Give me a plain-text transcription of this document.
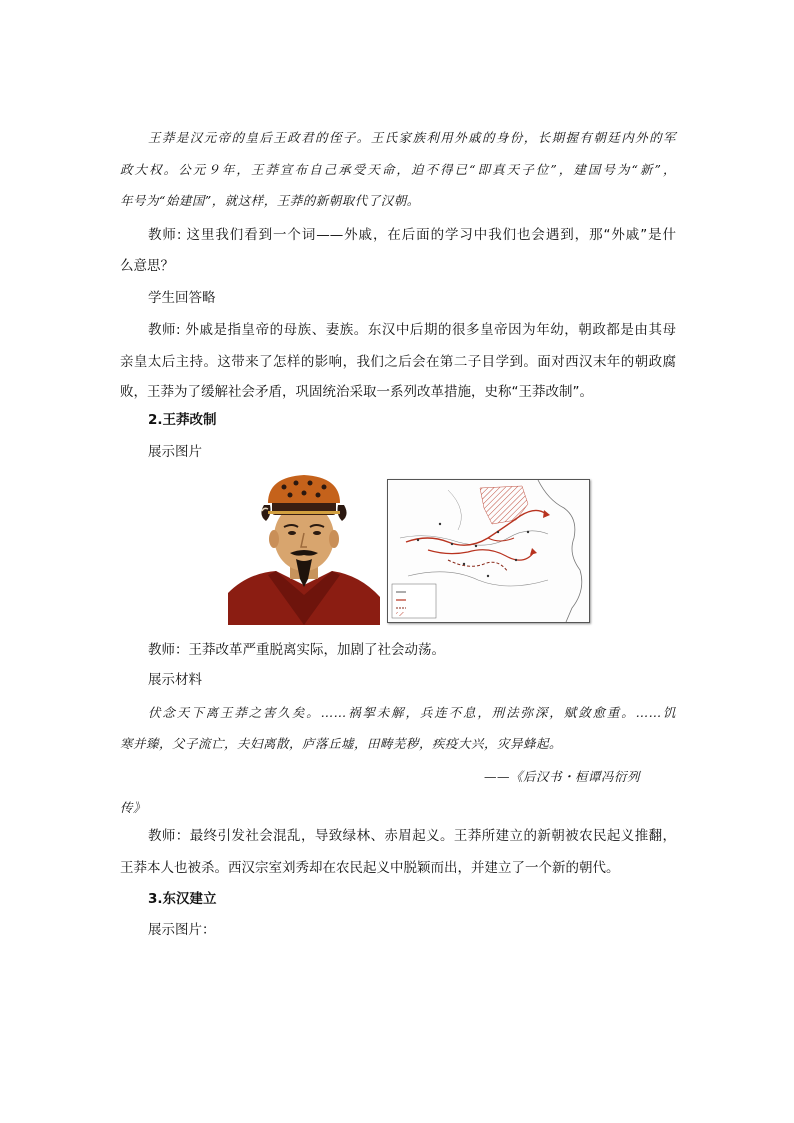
王莽是汉元帝的皇后王政君的侄子。王氏家族利用外戚的身份，长期握有朝廷内外的军
政大权。公元９年，王莽宣布自己承受天命，迫不得已“即真天子位”，建国号为“新”，
年号为“始建国”，就这样，王莽的新朝取代了汉朝。
教师: 这里我们看到一个词——外戚，在后面的学习中我们也会遇到，那“外戚”是什
么意思？
学生回答略
教师: 外戚是指皇帝的母族、妻族。东汉中后期的很多皇帝因为年幼，朝政都是由其母
亲皇太后主持。这带来了怎样的影响，我们之后会在第二子目学到。面对西汉末年的朝政腐
败，王莽为了缓解社会矛盾，巩固统治采取一系列改革措施，史称“王莽改制”。
2.王莽改制
展示图片
教师：王莽改革严重脱离实际，加剧了社会动荡。
展示材料
伏念天下离王莽之害久矣。……祸挐未解，兵连不息，刑法弥深，赋敛愈重。……饥
寒并臻，父子流亡，夫妇离散，庐落丘墟，田畴芜秽，疾疫大兴，灾异蜂起。
——《后汉书・桓谭冯衍列
传》
教师：最终引发社会混乱，导致绿林、赤眉起义。王莽所建立的新朝被农民起义推翻，
王莽本人也被杀。西汉宗室刘秀却在农民起义中脱颖而出，并建立了一个新的朝代。
3.东汉建立
展示图片：
